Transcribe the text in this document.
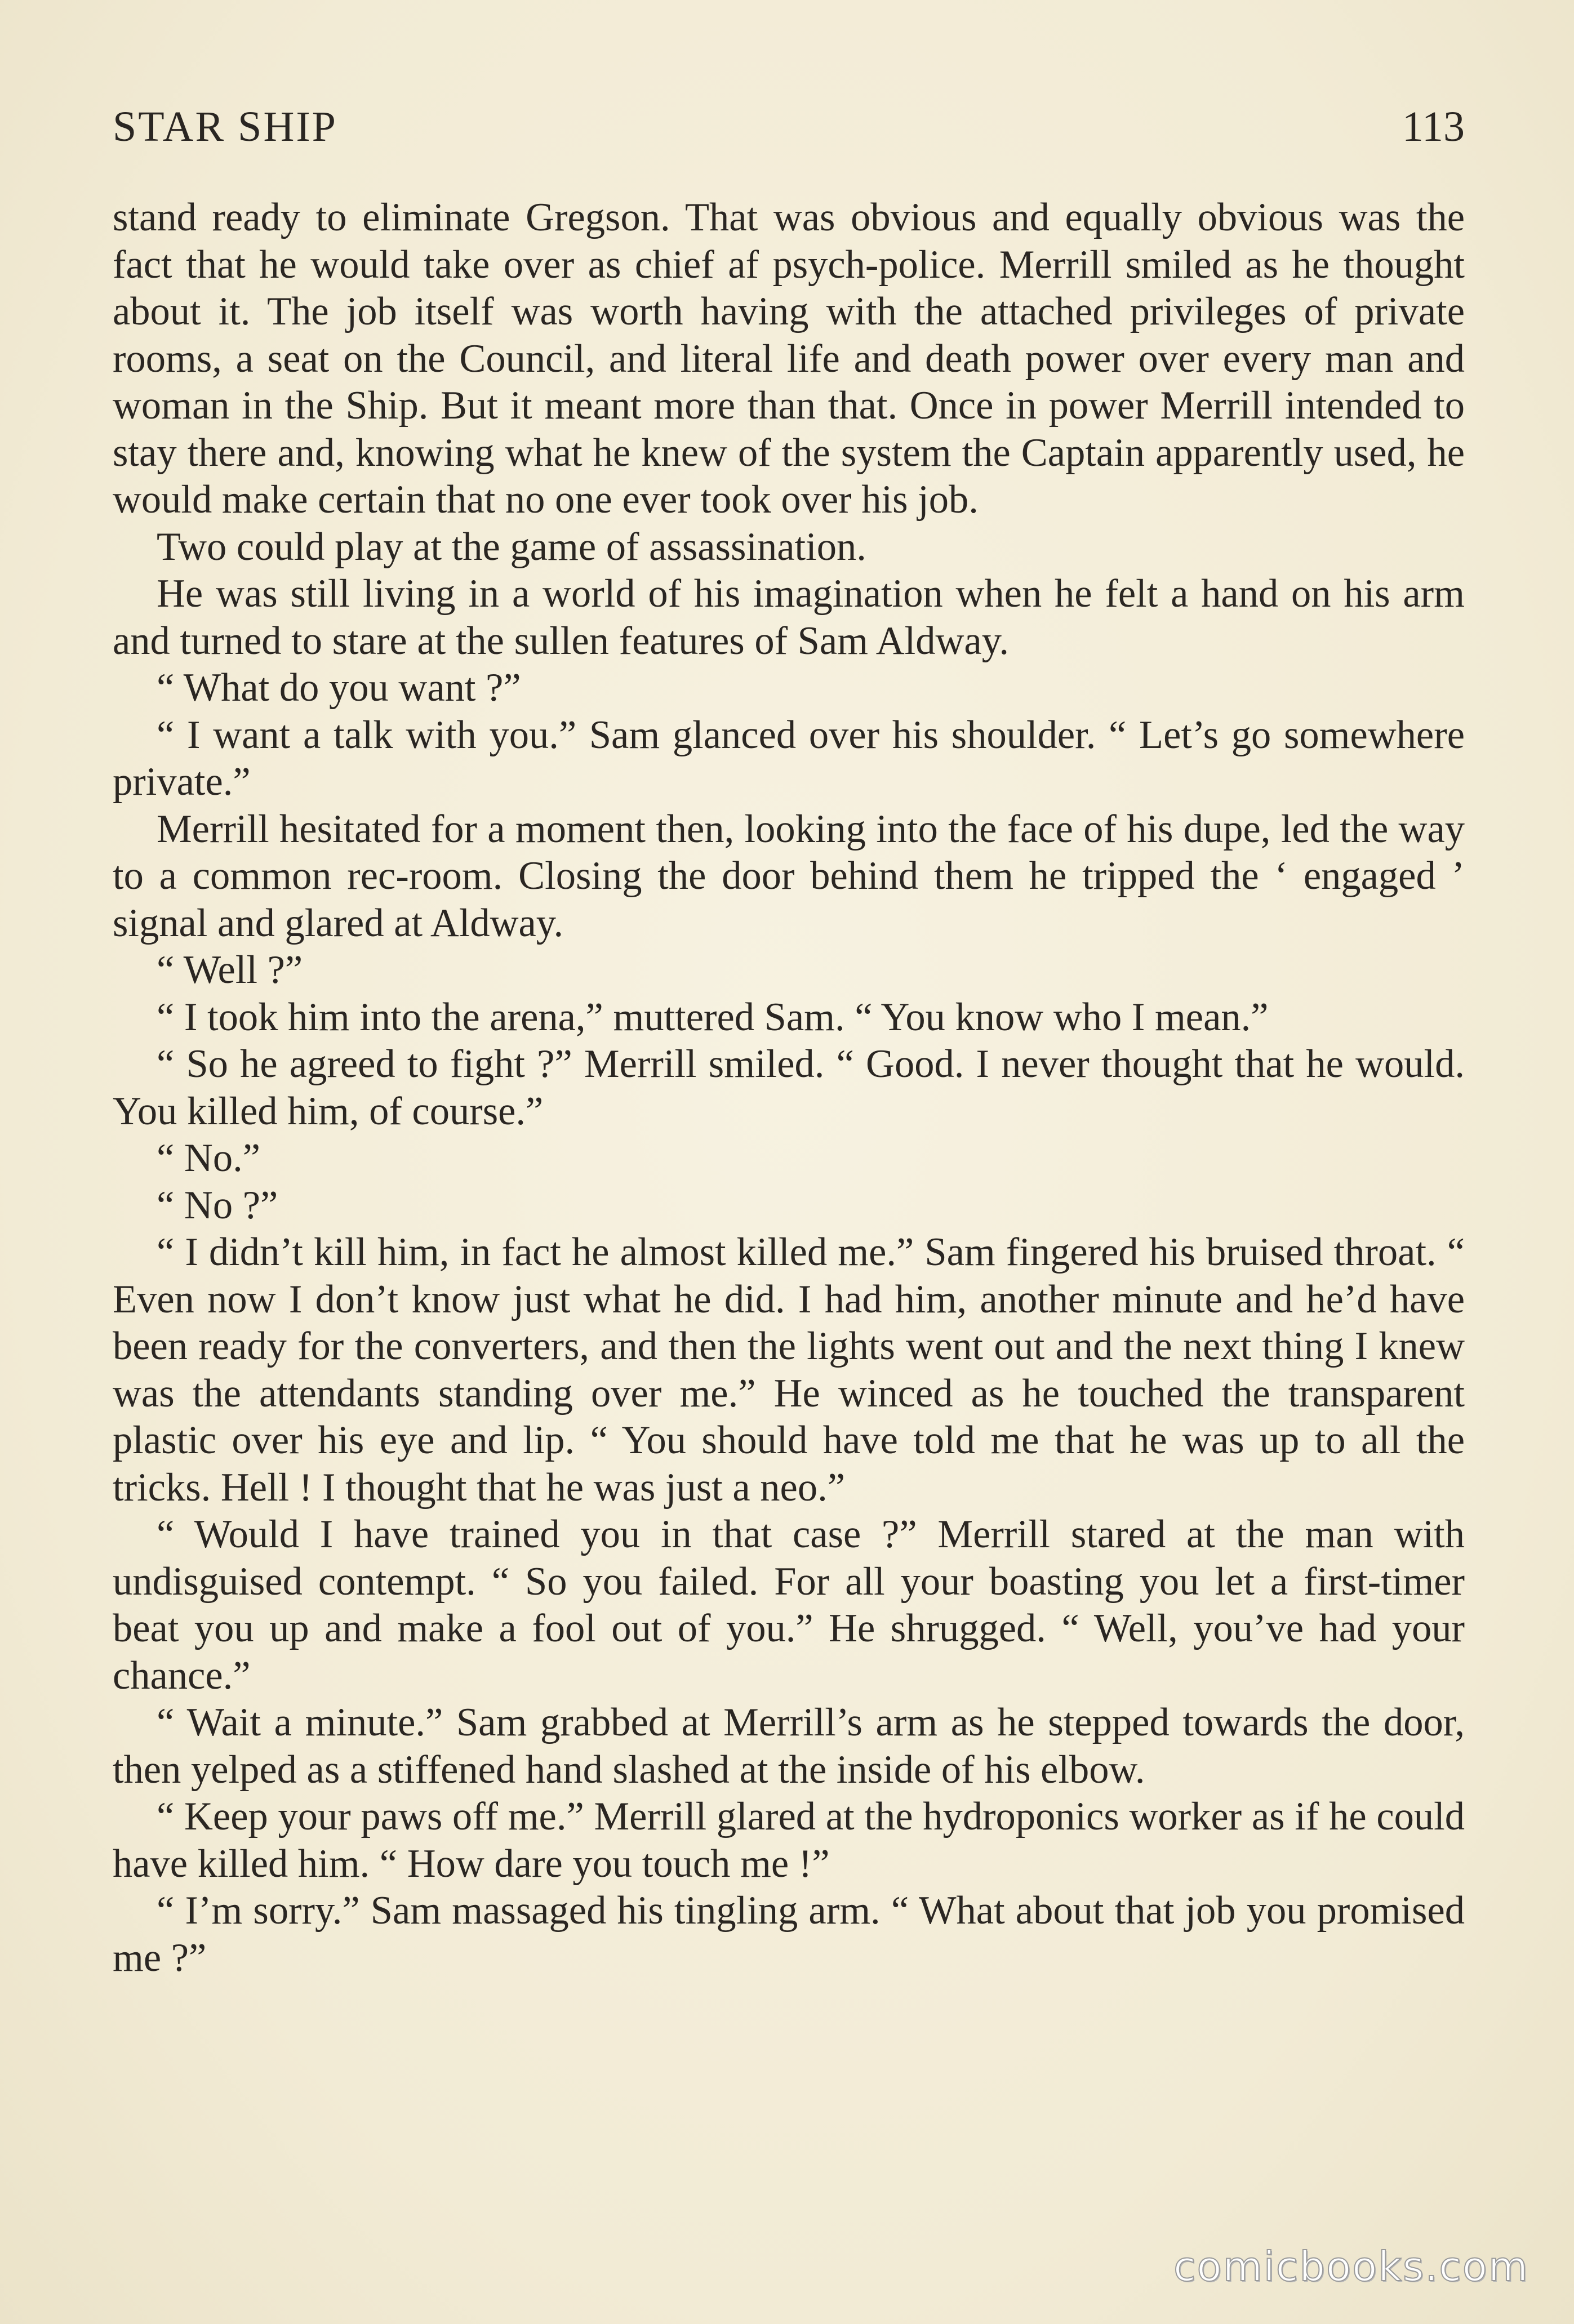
STAR SHIP	113

stand ready to eliminate Gregson. That was obvious and equally obvious was the fact that he would take over as chief af psych-police. Merrill smiled as he thought about it. The job itself was worth having with the attached privileges of private rooms, a seat on the Council, and literal life and death power over every man and woman in the Ship. But it meant more than that. Once in power Merrill intended to stay there and, knowing what he knew of the system the Captain apparently used, he would make certain that no one ever took over his job.

Two could play at the game of assassination.

He was still living in a world of his imagination when he felt a hand on his arm and turned to stare at the sullen features of Sam Aldway.

“ What do you want ?”

“ I want a talk with you.” Sam glanced over his shoulder. “ Let’s go somewhere private.”

Merrill hesitated for a moment then, looking into the face of his dupe, led the way to a common rec-room. Closing the door behind them he tripped the ‘ engaged ’ signal and glared at Aldway.

“ Well ?”

“ I took him into the arena,” muttered Sam. “ You know who I mean.”

“ So he agreed to fight ?” Merrill smiled. “ Good. I never thought that he would. You killed him, of course.”

“ No.”

“ No ?”

“ I didn’t kill him, in fact he almost killed me.” Sam fingered his bruised throat. “ Even now I don’t know just what he did. I had him, another minute and he’d have been ready for the converters, and then the lights went out and the next thing I knew was the attendants standing over me.” He winced as he touched the transparent plastic over his eye and lip. “ You should have told me that he was up to all the tricks. Hell ! I thought that he was just a neo.”

“ Would I have trained you in that case ?” Merrill stared at the man with undisguised contempt. “ So you failed. For all your boasting you let a first-timer beat you up and make a fool out of you.” He shrugged. “ Well, you’ve had your chance.”

“ Wait a minute.” Sam grabbed at Merrill’s arm as he stepped towards the door, then yelped as a stiffened hand slashed at the inside of his elbow.

“ Keep your paws off me.” Merrill glared at the hydroponics worker as if he could have killed him. “ How dare you touch me !”

“ I’m sorry.” Sam massaged his tingling arm. “ What about that job you promised me ?”

comicbooks.com
